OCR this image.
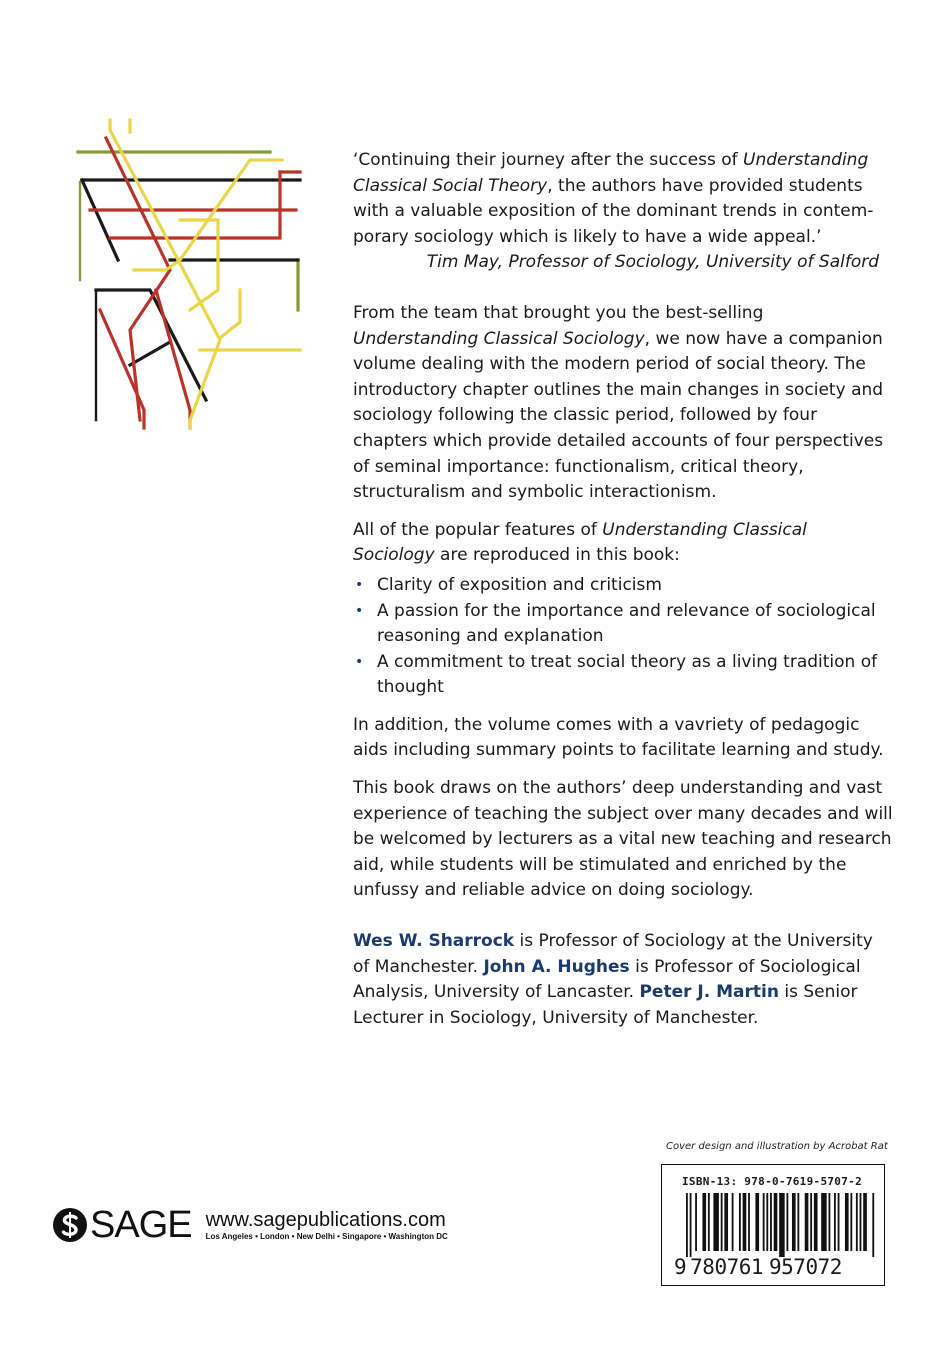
‘Continuing their journey after the success of Understanding Classical Social Theory, the authors have provided students with a valuable exposition of the dominant trends in contem-porary sociology which is likely to have a wide appeal.’

Tim May, Professor of Sociology, University of Salford

From the team that brought you the best-selling Understanding Classical Sociology, we now have a companion volume dealing with the modern period of social theory. The introductory chapter outlines the main changes in society and sociology following the classic period, followed by four chapters which provide detailed accounts of four perspectives of seminal importance: functionalism, critical theory, structuralism and symbolic interactionism.

All of the popular features of Understanding Classical Sociology are reproduced in this book:

• Clarity of exposition and criticism
• A passion for the importance and relevance of sociological reasoning and explanation
• A commitment to treat social theory as a living tradition of thought

In addition, the volume comes with a vavriety of pedagogic aids including summary points to facilitate learning and study.

This book draws on the authors’ deep understanding and vast experience of teaching the subject over many decades and will be welcomed by lecturers as a vital new teaching and research aid, while students will be stimulated and enriched by the unfussy and reliable advice on doing sociology.

Wes W. Sharrock is Professor of Sociology at the University of Manchester. John A. Hughes is Professor of Sociological Analysis, University of Lancaster. Peter J. Martin is Senior Lecturer in Sociology, University of Manchester.

Cover design and illustration by Acrobat Rat
SAGE www.sagepublications.com
Los Angeles • London • New Delhi • Singapore • Washington DC
ISBN-13: 978-0-7619-5707-2
9 780761 957072
